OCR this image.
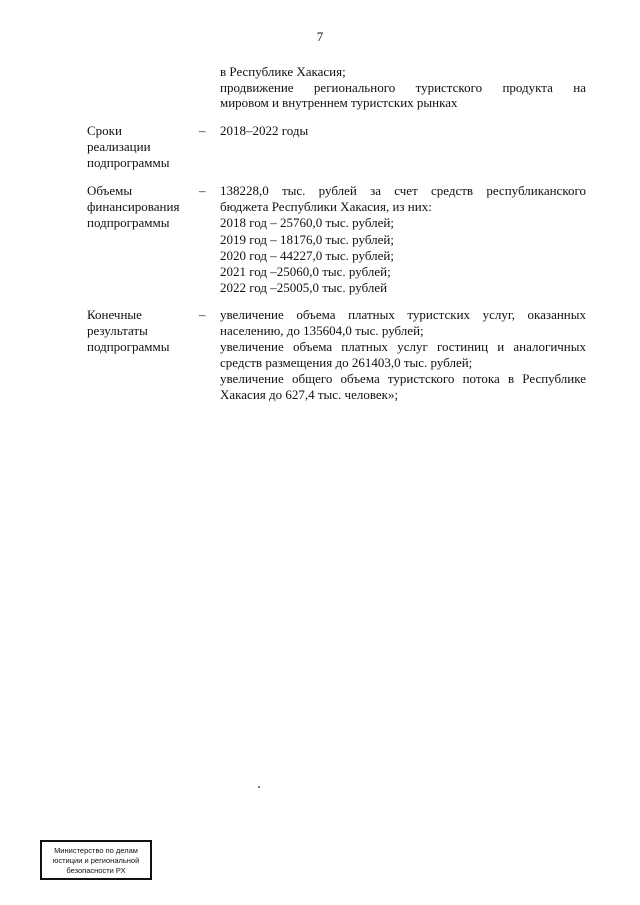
7
в Республике Хакасия;
продвижение регионального туристского продукта на
мировом и внутреннем туристских рынках
Сроки
реализации
подпрограммы
– 2018–2022 годы
Объемы
финансирования
подпрограммы
– 138228,0 тыс. рублей за счет средств республиканского
бюджета Республики Хакасия, из них:
2018 год – 25760,0 тыс. рублей;
2019 год – 18176,0 тыс. рублей;
2020 год – 44227,0 тыс. рублей;
2021 год –25060,0 тыс. рублей;
2022 год –25005,0 тыс. рублей
Конечные
результаты
подпрограммы
– увеличение объема платных туристских услуг, оказанных
населению, до 135604,0 тыс. рублей;
увеличение объема платных услуг гостиниц и аналогичных
средств размещения до 261403,0 тыс. рублей;
увеличение общего объема туристского потока в Республике
Хакасия до 627,4 тыс. человек»;
Министерство по делам
юстиции и региональной
безопасности РХ
